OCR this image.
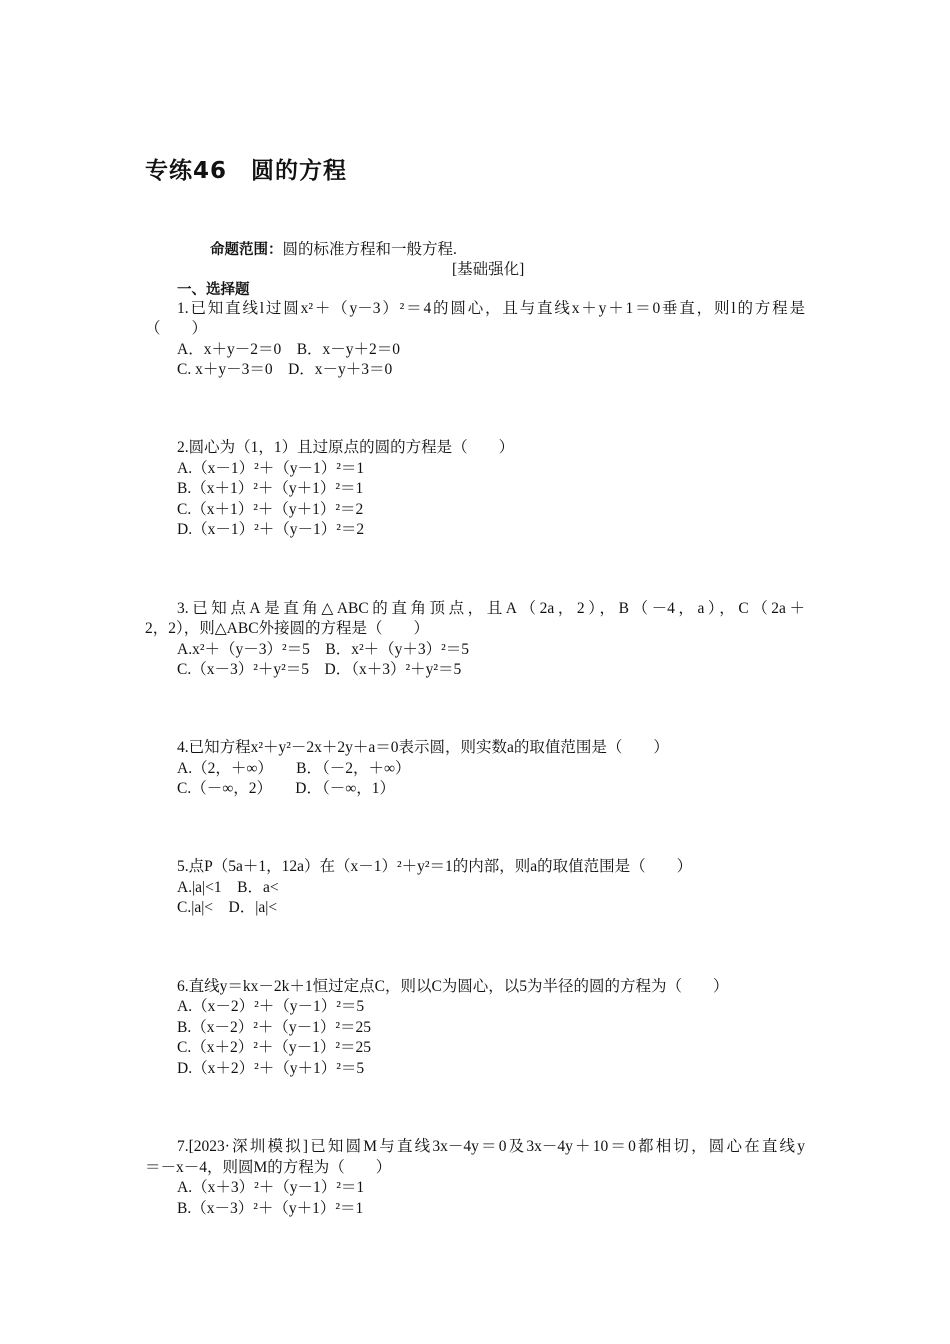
专练46　圆的方程
命题范围：圆的标准方程和一般方程.
[基础强化]
一、选择题
1.已知直线l过圆x²＋（y－3）²＝4的圆心，且与直线x＋y＋1＝0垂直，则l的方程是
（　　）
A．x＋y－2＝0　B．x－y＋2＝0
C. x＋y－3＝0　D．x－y＋3＝0
2.圆心为（1，1）且过原点的圆的方程是（　　）
A.（x－1）²＋（y－1）²＝1
B.（x＋1）²＋（y＋1）²＝1
C.（x＋1）²＋（y＋1）²＝2
D.（x－1）²＋（y－1）²＝2
3.已知点A是直角△ABC的直角顶点，且A（2a，2），B（－4，a），C（2a＋
2，2），则△ABC外接圆的方程是（　　）
A.x²＋（y－3）²＝5　B．x²＋（y＋3）²＝5
C.（x－3）²＋y²＝5　D．（x＋3）²＋y²＝5
4.已知方程x²＋y²－2x＋2y＋a＝0表示圆，则实数a的取值范围是（　　）
A.（2，＋∞）　　B．（－2，＋∞）
C.（－∞，2）　　D．（－∞，1）
5.点P（5a＋1，12a）在（x－1）²＋y²＝1的内部，则a的取值范围是（　　）
A.|a|<1　B．a<
C.|a|<　D．|a|<
6.直线y＝kx－2k＋1恒过定点C，则以C为圆心，以5为半径的圆的方程为（　　）
A.（x－2）²＋（y－1）²＝5
B.（x－2）²＋（y－1）²＝25
C.（x＋2）²＋（y－1）²＝25
D.（x＋2）²＋（y＋1）²＝5
7.[2023·深圳模拟]已知圆M与直线3x－4y＝0及3x－4y＋10＝0都相切，圆心在直线y
＝－x－4，则圆M的方程为（　　）
A.（x＋3）²＋（y－1）²＝1
B.（x－3）²＋（y＋1）²＝1
